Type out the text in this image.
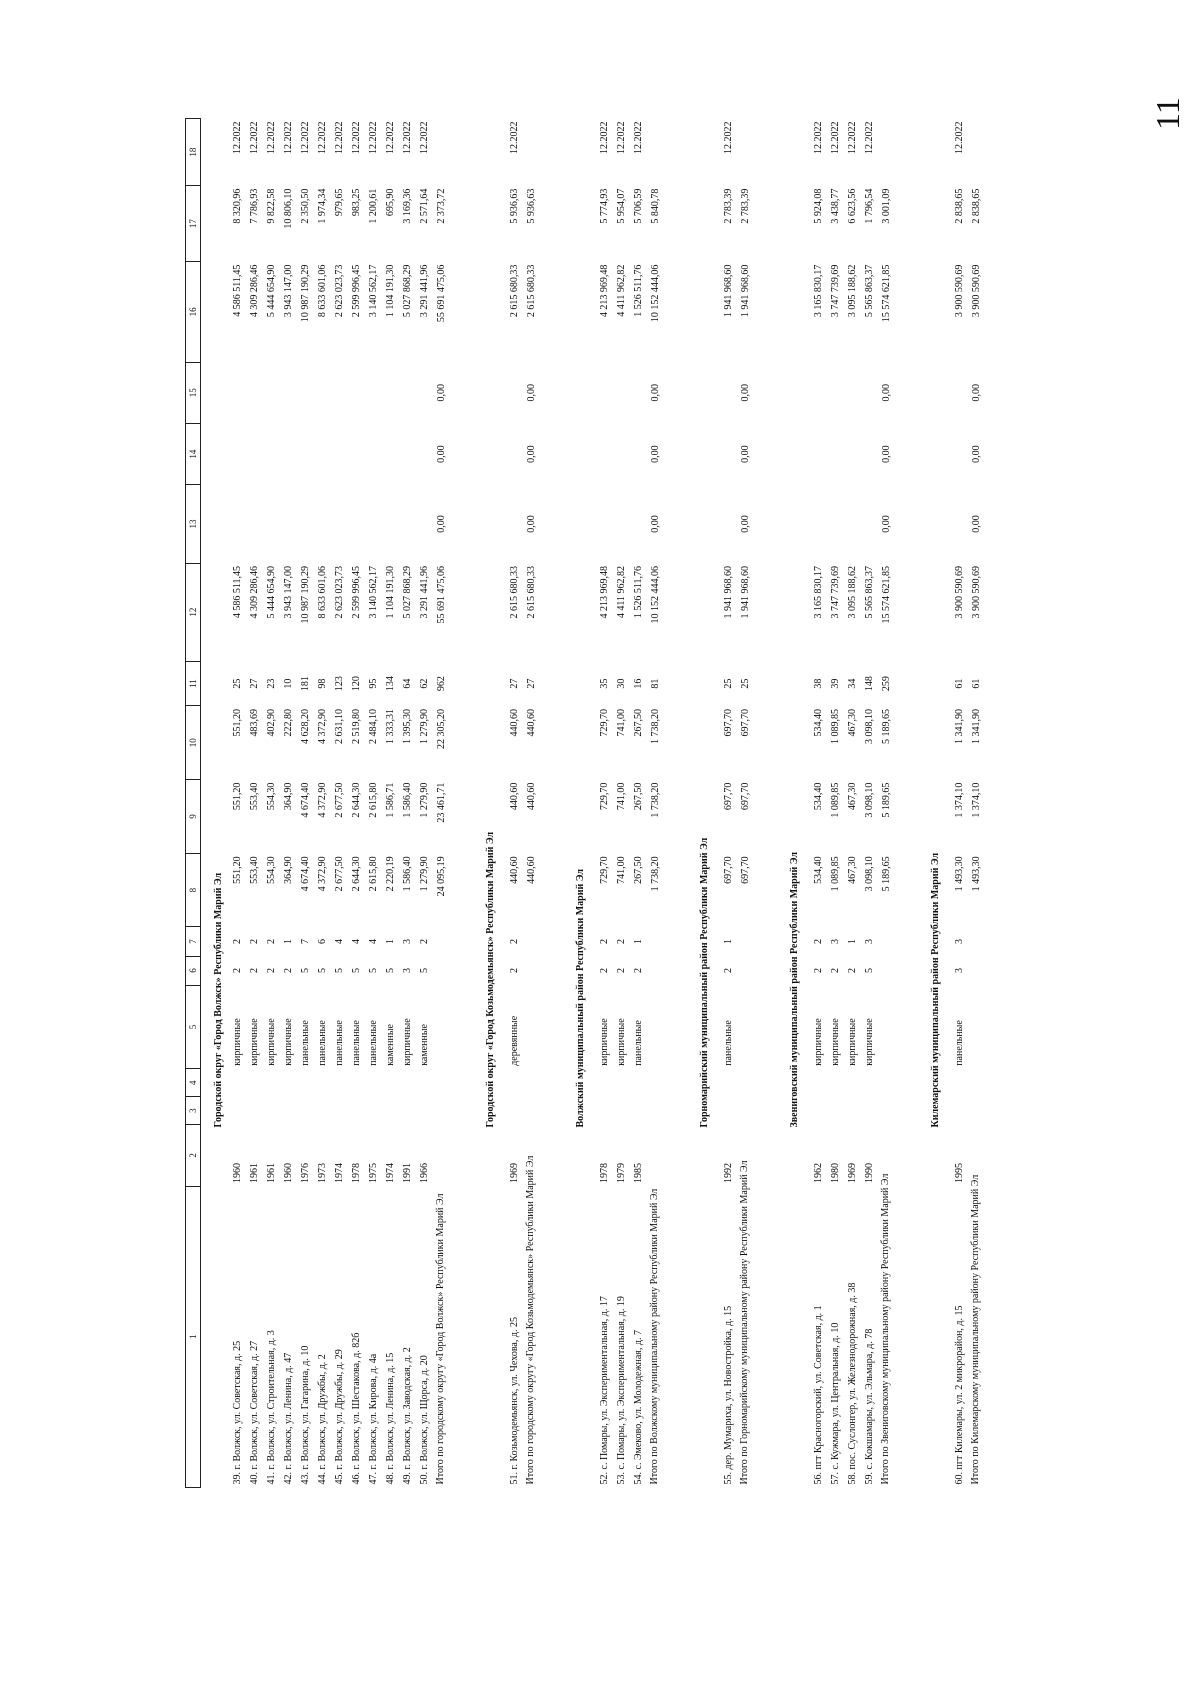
11
1	2	3	4	5	6	7	8	9	10	11	12	13	14	15	16	17	18

Городской округ «Город Волжск» Республики Марий Эл																	
39. г. Волжск, ул. Советская, д. 25	1960			кирпичные	2	2	551,20	551,20	551,20	25	4 586 511,45				4 586 511,45	8 320,96	12.2022
40. г. Волжск, ул. Советская, д. 27	1961			кирпичные	2	2	553,40	553,40	483,69	27	4 309 286,46				4 309 286,46	7 786,93	12.2022
41. г. Волжск, ул. Строительная, д. 3	1961			кирпичные	2	2	554,30	554,30	402,90	23	5 444 654,90				5 444 654,90	9 822,58	12.2022
42. г. Волжск, ул. Ленина, д. 47	1960			кирпичные	2	1	364,90	364,90	222,80	10	3 943 147,00				3 943 147,00	10 806,10	12.2022
43. г. Волжск, ул. Гагарина, д. 10	1976			панельные	5	7	4 674,40	4 674,40	4 628,20	181	10 987 190,29				10 987 190,29	2 350,50	12.2022
44. г. Волжск, ул. Дружбы, д. 2	1973			панельные	5	6	4 372,90	4 372,90	4 372,90	98	8 633 601,06				8 633 601,06	1 974,34	12.2022
45. г. Волжск, ул. Дружбы, д. 29	1974			панельные	5	4	2 677,50	2 677,50	2 631,10	123	2 623 023,73				2 623 023,73	979,65	12.2022
46. г. Волжск, ул. Шестакова, д. 82б	1978			панельные	5	4	2 644,30	2 644,30	2 519,80	120	2 599 996,45				2 599 996,45	983,25	12.2022
47. г. Волжск, ул. Кирова, д. 4а	1975			панельные	5	4	2 615,80	2 615,80	2 484,10	95	3 140 562,17				3 140 562,17	1 200,61	12.2022
48. г. Волжск, ул. Ленина, д. 15	1974			каменные	5	1	2 220,19	1 586,71	1 333,31	134	1 104 191,30				1 104 191,30	695,90	12.2022
49. г. Волжск, ул. Заводская, д. 2	1991			кирпичные	3	3	1 586,40	1 586,40	1 395,30	64	5 027 868,29				5 027 868,29	3 169,36	12.2022
50. г. Волжск, ул. Щорса, д. 20	1966			каменные	5	2	1 279,90	1 279,90	1 279,90	62	3 291 441,96				3 291 441,96	2 571,64	12.2022

Итого по городскому округу «Город Волжск» Республики Марий Эл							24 095,19	23 461,71	22 305,20	962	55 691 475,06	0,00	0,00	0,00	55 691 475,06	2 373,72	

Городской округ «Город Козьмодемьянск» Республики Марий Эл																	
51. г. Козьмодемьянск, ул. Чехова, д. 25	1969			деревянные	2	2	440,60	440,60	440,60	27	2 615 680,33				2 615 680,33	5 936,63	12.2022

Итого по городскому округу «Город Козьмодемьянск» Республики Марий Эл							440,60	440,60	440,60	27	2 615 680,33	0,00	0,00	0,00	2 615 680,33	5 936,63	

Волжский муниципальный район Республики Марий Эл																	
52. с. Помары, ул. Экспериментальная, д. 17	1978			кирпичные	2	2	729,70	729,70	729,70	35	4 213 969,48				4 213 969,48	5 774,93	12.2022
53. с. Помары, ул. Экспериментальная, д. 19	1979			кирпичные	2	2	741,00	741,00	741,00	30	4 411 962,82				4 411 962,82	5 954,07	12.2022
54. с. Эмеково, ул. Молодежная, д. 7	1985			панельные	2	1	267,50	267,50	267,50	16	1 526 511,76				1 526 511,76	5 706,59	12.2022

Итого по Волжскому муниципальному району Республики Марий Эл							1 738,20	1 738,20	1 738,20	81	10 152 444,06	0,00	0,00	0,00	10 152 444,06	5 840,78	

Горномарийский муниципальный район Республики Марий Эл																	
55. дер. Мумариха, ул. Новостройка, д. 15	1992			панельные	2	1	697,70	697,70	697,70	25	1 941 968,60				1 941 968,60	2 783,39	12.2022

Итого по Горномарийскому муниципальному району Республики Марий Эл							697,70	697,70	697,70	25	1 941 968,60	0,00	0,00	0,00	1 941 968,60	2 783,39	

Звениговский муниципальный район Республики Марий Эл																	
56. пгт Красногорский, ул. Советская, д. 1	1962			кирпичные	2	2	534,40	534,40	534,40	38	3 165 830,17				3 165 830,17	5 924,08	12.2022
57. с. Кужмара, ул. Центральная, д. 10	1980			кирпичные	2	3	1 089,85	1 089,85	1 089,85	39	3 747 739,69				3 747 739,69	3 438,77	12.2022
58. пос. Суслонгер, ул. Железнодорожная, д. 38	1969			кирпичные	2	1	467,30	467,30	467,30	34	3 095 188,62				3 095 188,62	6 623,56	12.2022
59. с. Кокшамары, ул. Эльмара, д. 78	1990			кирпичные	5	3	3 098,10	3 098,10	3 098,10	148	5 565 863,37				5 565 863,37	1 796,54	12.2022

Итого по Звениговскому муниципальному району Республики Марий Эл							5 189,65	5 189,65	5 189,65	259	15 574 621,85	0,00	0,00	0,00	15 574 621,85	3 001,09	

Килемарский муниципальный район Республики Марий Эл																	
60. пгт Килемары, ул. 2 микрорайон, д. 15	1995			панельные	3	3	1 493,30	1 374,10	1 341,90	61	3 900 590,69				3 900 590,69	2 838,65	12.2022

Итого по Килемарскому муниципальному району Республики Марий Эл							1 493,30	1 374,10	1 341,90	61	3 900 590,69	0,00	0,00	0,00	3 900 590,69	2 838,65	
